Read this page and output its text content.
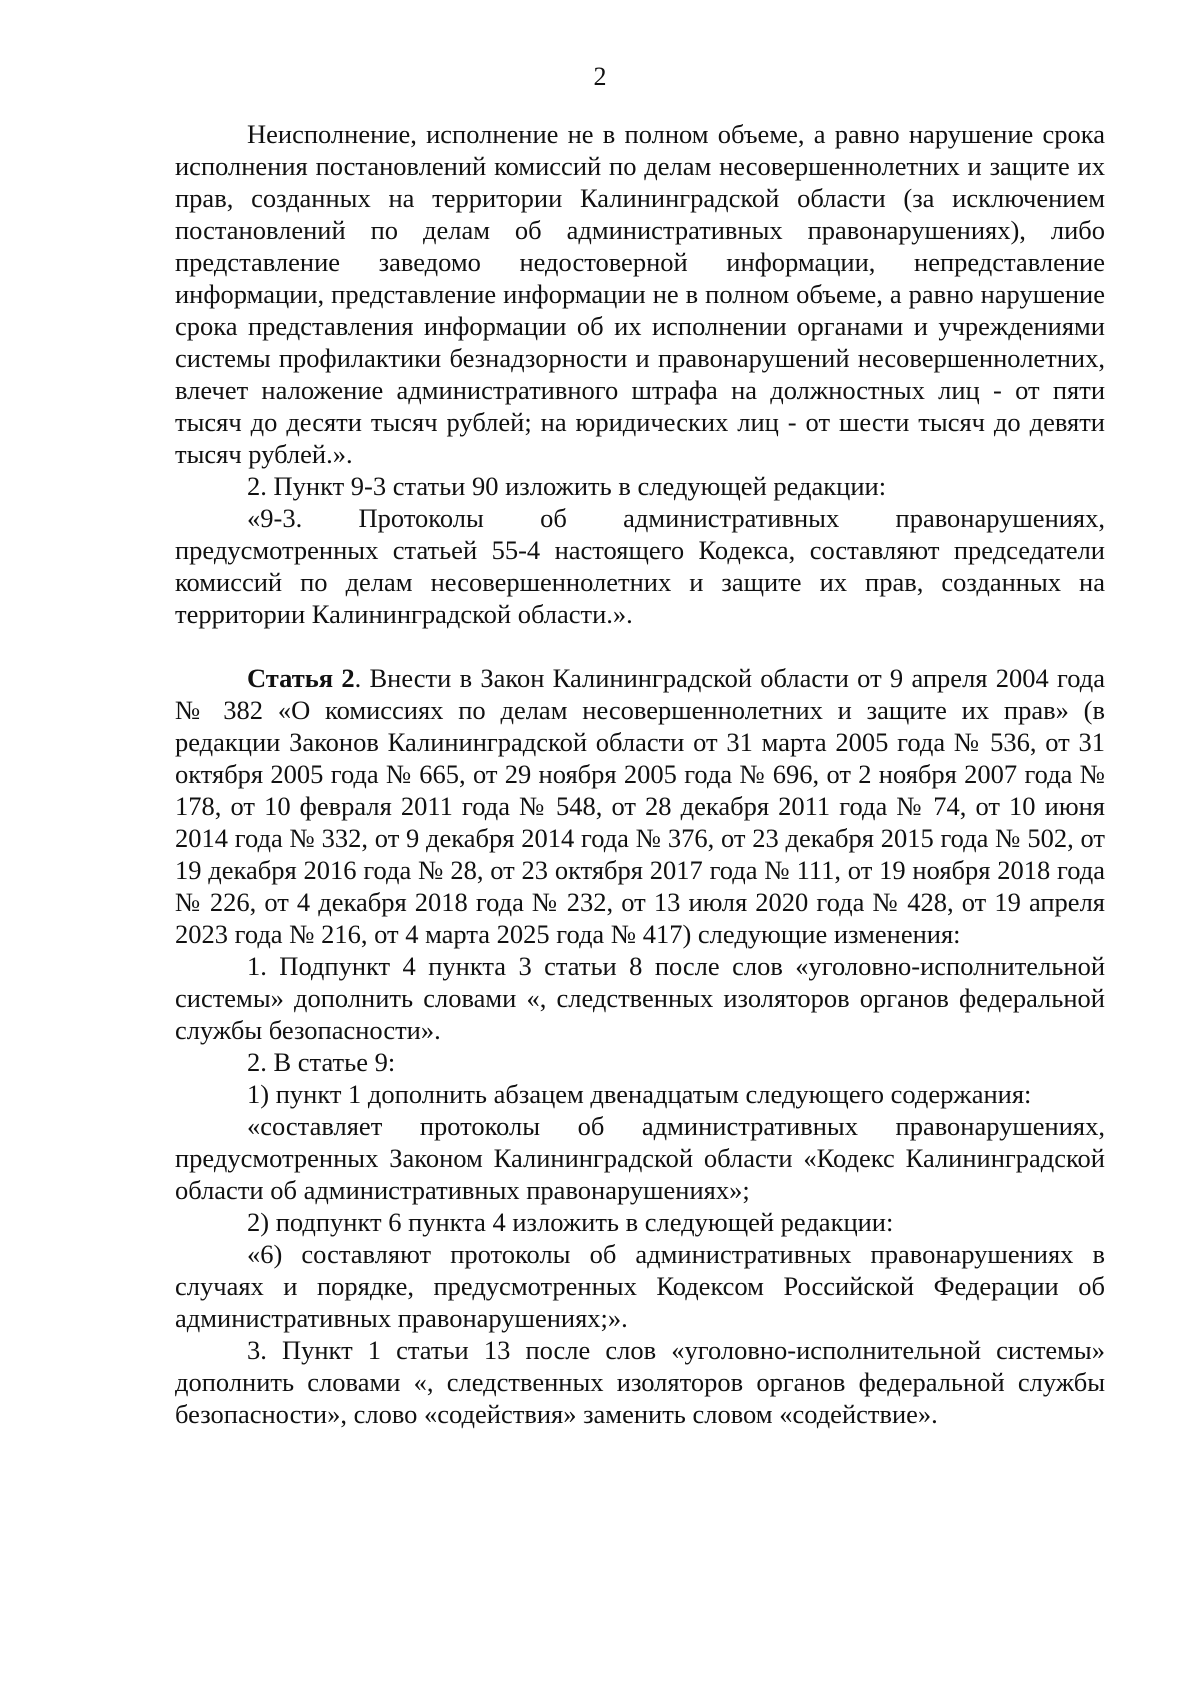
2

Неисполнение, исполнение не в полном объеме, а равно нарушение срока исполнения постановлений комиссий по делам несовершеннолетних и защите их прав, созданных на территории Калининградской области (за исключением постановлений по делам об административных правонарушениях), либо представление заведомо недостоверной информации, непредставление информации, представление информации не в полном объеме, а равно нарушение срока представления информации об их исполнении органами и учреждениями системы профилактики безнадзорности и правонарушений несовершеннолетних, влечет наложение административного штрафа на должностных лиц - от пяти тысяч до десяти тысяч рублей; на юридических лиц - от шести тысяч до девяти тысяч рублей.».

2. Пункт 9-3 статьи 90 изложить в следующей редакции:

«9-3. Протоколы об административных правонарушениях, предусмотренных статьей 55-4 настоящего Кодекса, составляют председатели комиссий по делам несовершеннолетних и защите их прав, созданных на территории Калининградской области.».

Статья 2. Внести в Закон Калининградской области от 9 апреля 2004 года № 382 «О комиссиях по делам несовершеннолетних и защите их прав» (в редакции Законов Калининградской области от 31 марта 2005 года № 536, от 31 октября 2005 года № 665, от 29 ноября 2005 года № 696, от 2 ноября 2007 года № 178, от 10 февраля 2011 года № 548, от 28 декабря 2011 года № 74, от 10 июня 2014 года № 332, от 9 декабря 2014 года № 376, от 23 декабря 2015 года № 502, от 19 декабря 2016 года № 28, от 23 октября 2017 года № 111, от 19 ноября 2018 года № 226, от 4 декабря 2018 года № 232, от 13 июля 2020 года № 428, от 19 апреля 2023 года № 216, от 4 марта 2025 года № 417) следующие изменения:

1. Подпункт 4 пункта 3 статьи 8 после слов «уголовно-исполнительной системы» дополнить словами «, следственных изоляторов органов федеральной службы безопасности».

2. В статье 9:

1) пункт 1 дополнить абзацем двенадцатым следующего содержания:

«составляет протоколы об административных правонарушениях, предусмотренных Законом Калининградской области «Кодекс Калининградской области об административных правонарушениях»;

2) подпункт 6 пункта 4 изложить в следующей редакции:

«6) составляют протоколы об административных правонарушениях в случаях и порядке, предусмотренных Кодексом Российской Федерации об административных правонарушениях;».

3. Пункт 1 статьи 13 после слов «уголовно-исполнительной системы» дополнить словами «, следственных изоляторов органов федеральной службы безопасности», слово «содействия» заменить словом «содействие».
